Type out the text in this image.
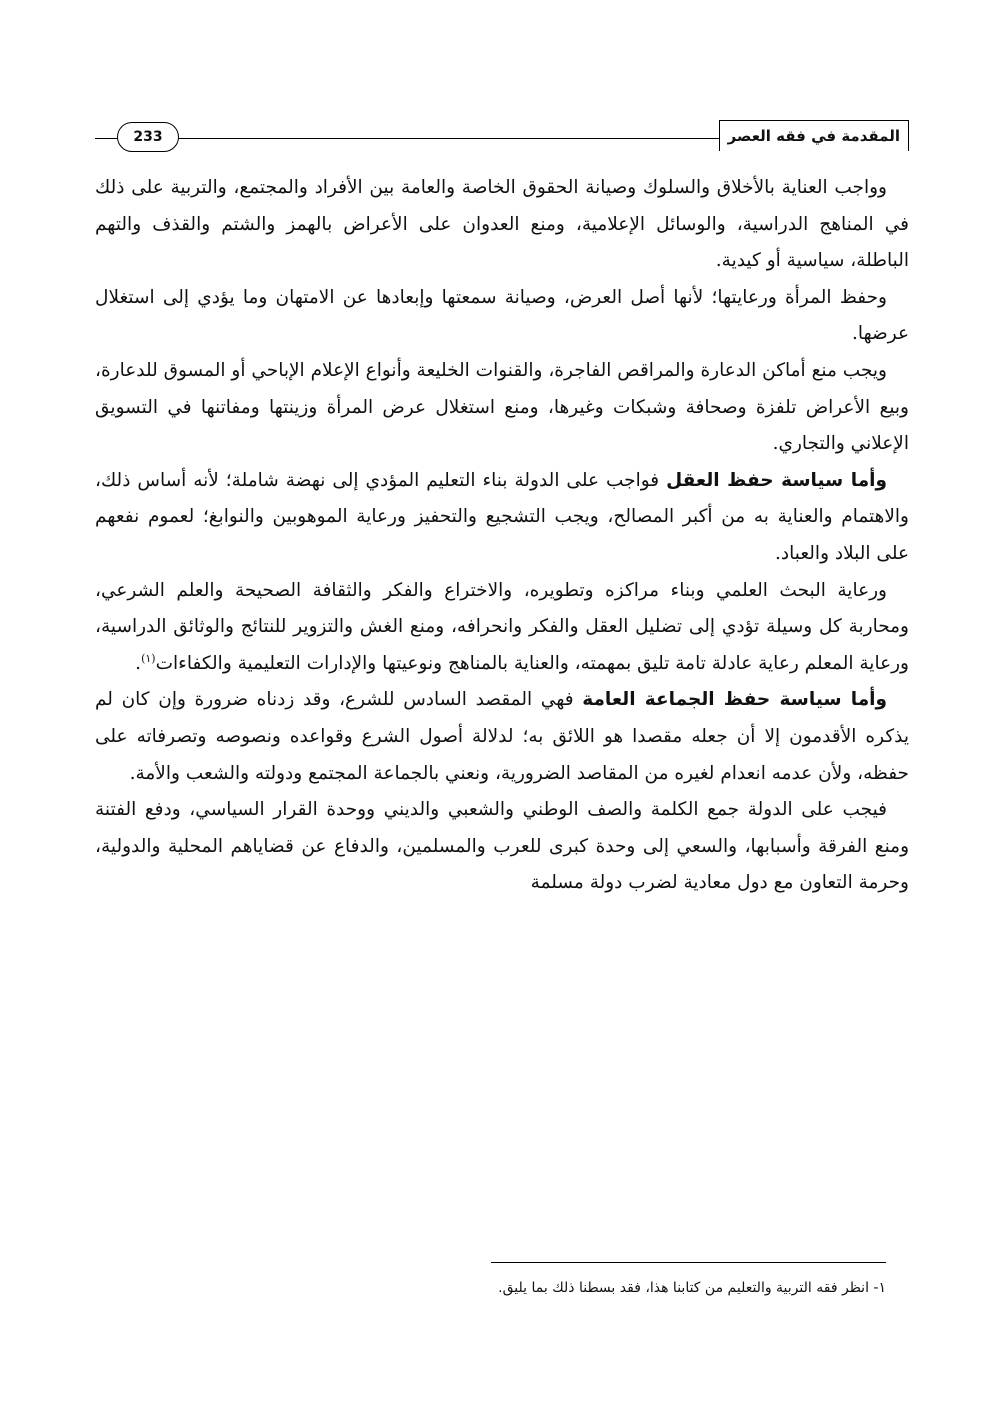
المقدمة في فقه العصر
233

وواجب العناية بالأخلاق والسلوك وصيانة الحقوق الخاصة والعامة بين الأفراد والمجتمع، والتربية على ذلك في المناهج الدراسية، والوسائل الإعلامية، ومنع العدوان على الأعراض بالهمز والشتم والقذف والتهم الباطلة، سياسية أو كيدية.

وحفظ المرأة ورعايتها؛ لأنها أصل العرض، وصيانة سمعتها وإبعادها عن الامتهان وما يؤدي إلى استغلال عرضها.

ويجب منع أماكن الدعارة والمراقص الفاجرة، والقنوات الخليعة وأنواع الإعلام الإباحي أو المسوق للدعارة، وبيع الأعراض تلفزة وصحافة وشبكات وغيرها، ومنع استغلال عرض المرأة وزينتها ومفاتنها في التسويق الإعلاني والتجاري.

وأما سياسة حفظ العقل فواجب على الدولة بناء التعليم المؤدي إلى نهضة شاملة؛ لأنه أساس ذلك، والاهتمام والعناية به من أكبر المصالح، ويجب التشجيع والتحفيز ورعاية الموهوبين والنوابغ؛ لعموم نفعهم على البلاد والعباد.

ورعاية البحث العلمي وبناء مراكزه وتطويره، والاختراع والفكر والثقافة الصحيحة والعلم الشرعي، ومحاربة كل وسيلة تؤدي إلى تضليل العقل والفكر وانحرافه، ومنع الغش والتزوير للنتائج والوثائق الدراسية، ورعاية المعلم رعاية عادلة تامة تليق بمهمته، والعناية بالمناهج ونوعيتها والإدارات التعليمية والكفاءات$^{(١)}$.

وأما سياسة حفظ الجماعة العامة فهي المقصد السادس للشرع، وقد زدناه ضرورة وإن كان لم يذكره الأقدمون إلا أن جعله مقصدا هو اللائق به؛ لدلالة أصول الشرع وقواعده ونصوصه وتصرفاته على حفظه، ولأن عدمه انعدام لغيره من المقاصد الضرورية، ونعني بالجماعة المجتمع ودولته والشعب والأمة.

فيجب على الدولة جمع الكلمة والصف الوطني والشعبي والديني ووحدة القرار السياسي، ودفع الفتنة ومنع الفرقة وأسبابها، والسعي إلى وحدة كبرى للعرب والمسلمين، والدفاع عن قضاياهم المحلية والدولية، وحرمة التعاون مع دول معادية لضرب دولة مسلمة

١- انظر فقه التربية والتعليم من كتابنا هذا، فقد بسطنا ذلك بما يليق.
